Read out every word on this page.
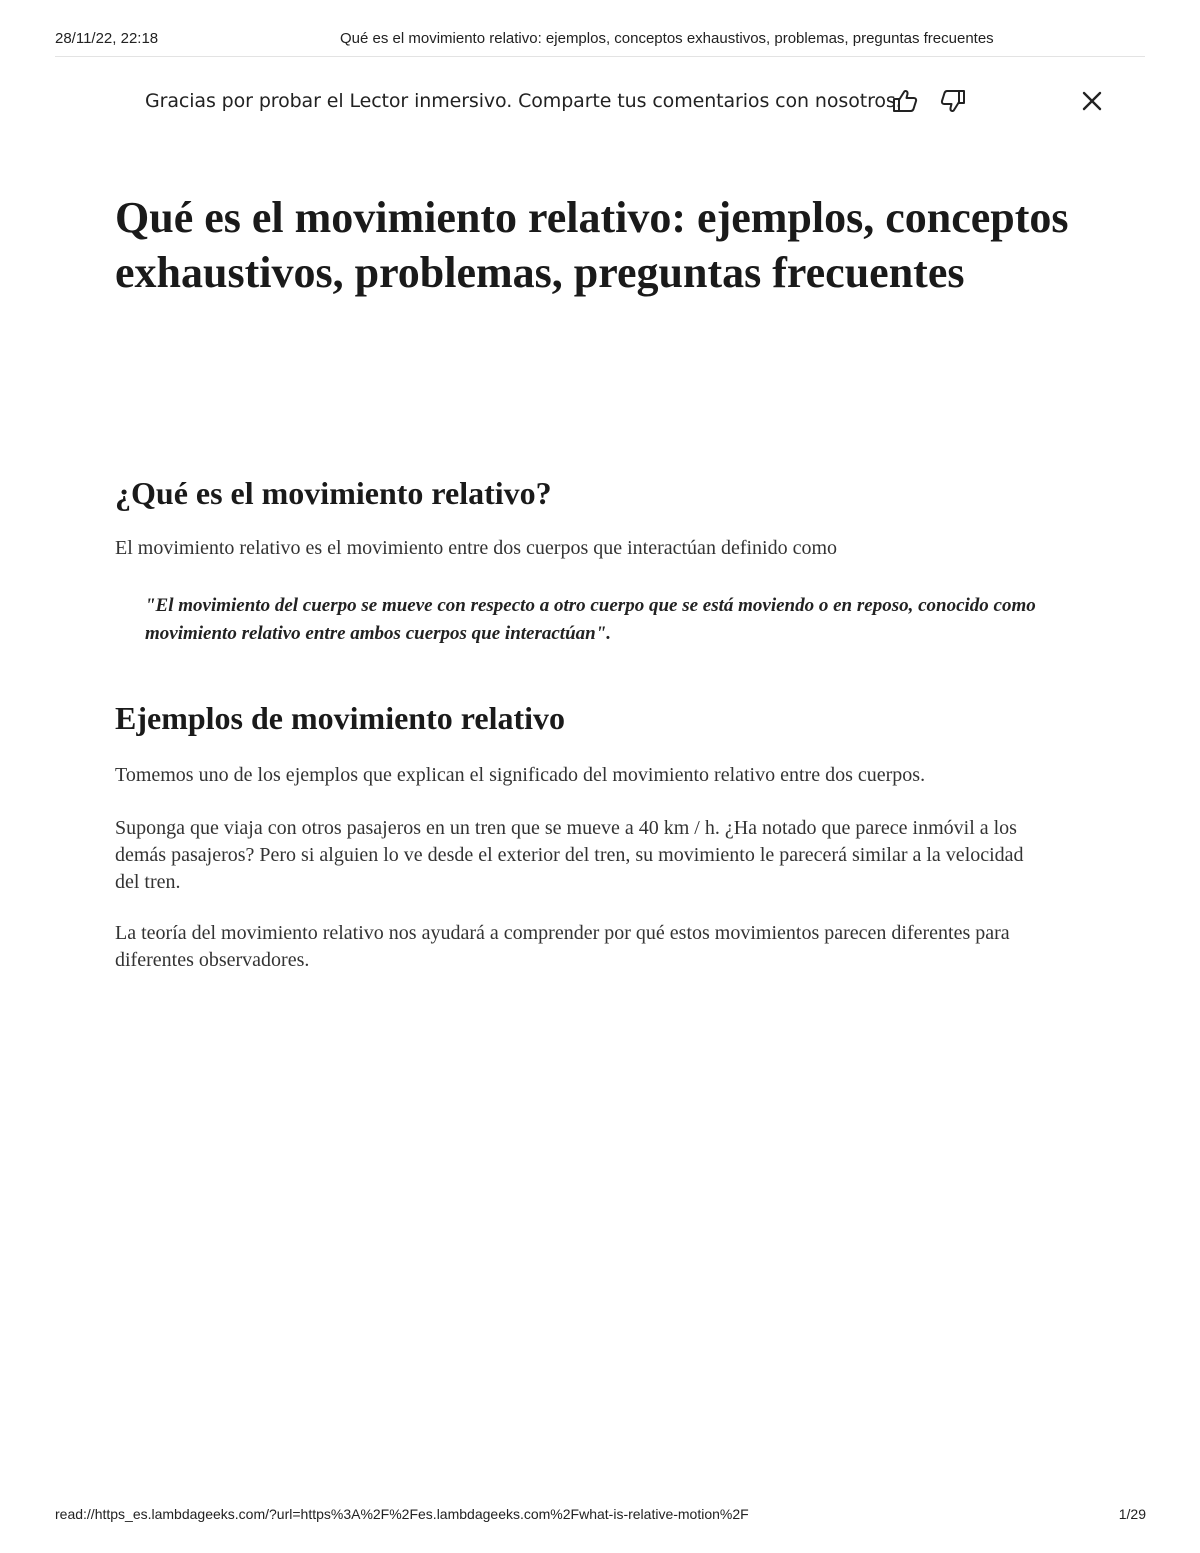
28/11/22, 22:18	Qué es el movimiento relativo: ejemplos, conceptos exhaustivos, problemas, preguntas frecuentes
Gracias por probar el Lector inmersivo. Comparte tus comentarios con nosotros.
Qué es el movimiento relativo: ejemplos, conceptos exhaustivos, problemas, preguntas frecuentes
¿Qué es el movimiento relativo?

El movimiento relativo es el movimiento entre dos cuerpos que interactúan definido como

"El movimiento del cuerpo se mueve con respecto a otro cuerpo que se está moviendo o en reposo, conocido como movimiento relativo entre ambos cuerpos que interactúan".
Ejemplos de movimiento relativo

Tomemos uno de los ejemplos que explican el significado del movimiento relativo entre dos cuerpos.

Suponga que viaja con otros pasajeros en un tren que se mueve a 40 km / h. ¿Ha notado que parece inmóvil a los demás pasajeros? Pero si alguien lo ve desde el exterior del tren, su movimiento le parecerá similar a la velocidad del tren.

La teoría del movimiento relativo nos ayudará a comprender por qué estos movimientos parecen diferentes para diferentes observadores.

read://https_es.lambdageeks.com/?url=https%3A%2F%2Fes.lambdageeks.com%2Fwhat-is-relative-motion%2F	1/29
